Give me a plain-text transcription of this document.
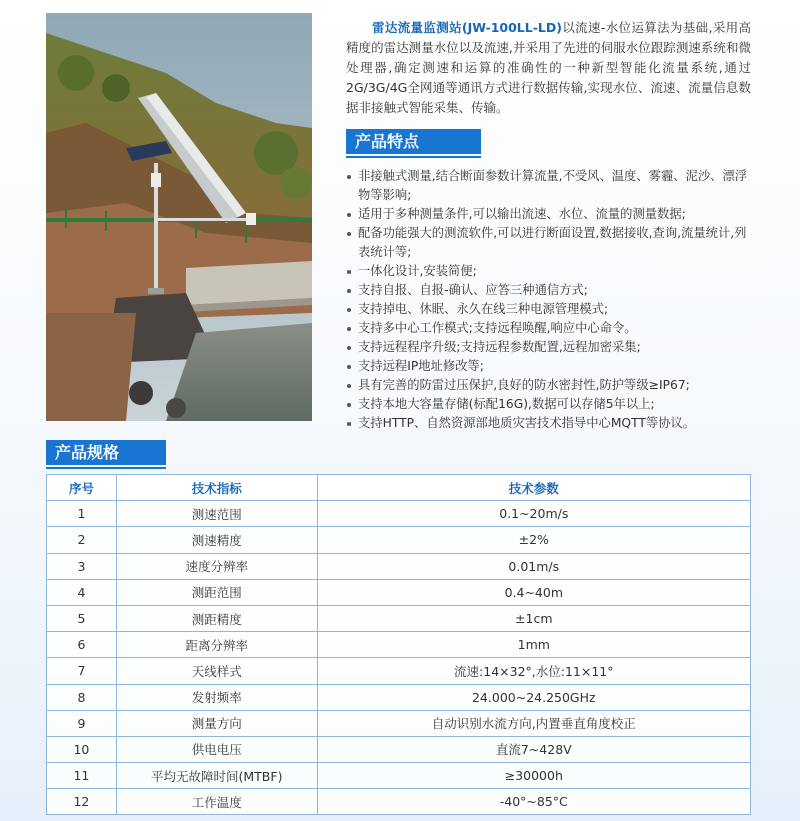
雷达流量监测站(JW-100LL-LD)以流速-水位运算法为基础,采用高精度的雷达测量水位以及流速,并采用了先进的伺服水位跟踪测速系统和微处理器,确定测速和运算的准确性的一种新型智能化流量系统,通过2G/3G/4G全网通等通讯方式进行数据传输,实现水位、流速、流量信息数据非接触式智能采集、传输。
产品特点
非接触式测量,结合断面参数计算流量,不受风、温度、雾霾、泥沙、漂浮物等影响;
适用于多种测量条件,可以输出流速、水位、流量的测量数据;
配备功能强大的测流软件,可以进行断面设置,数据接收,查询,流量统计,列表统计等;
一体化设计,安装简便;
支持自报、自报-确认、应答三种通信方式;
支持掉电、休眠、永久在线三种电源管理模式;
支持多中心工作模式;支持远程唤醒,响应中心命令。
支持远程程序升级;支持远程参数配置,远程加密采集;
支持远程IP地址修改等;
具有完善的防雷过压保护,良好的防水密封性,防护等级≥IP67;
支持本地大容量存储(标配16G),数据可以存储5年以上;
支持HTTP、自然资源部地质灾害技术指导中心MQTT等协议。
产品规格
序号	技术指标	技术参数
1	测速范围	0.1~20m/s
2	测速精度	±2%
3	速度分辨率	0.01m/s
4	测距范围	0.4~40m
5	测距精度	±1cm
6	距离分辨率	1mm
7	天线样式	流速:14×32°,水位:11×11°
8	发射频率	24.000~24.250GHz
9	测量方向	自动识别水流方向,内置垂直角度校正
10	供电电压	直流7~428V
11	平均无故障时间(MTBF)	≥30000h
12	工作温度	-40°~85°C
